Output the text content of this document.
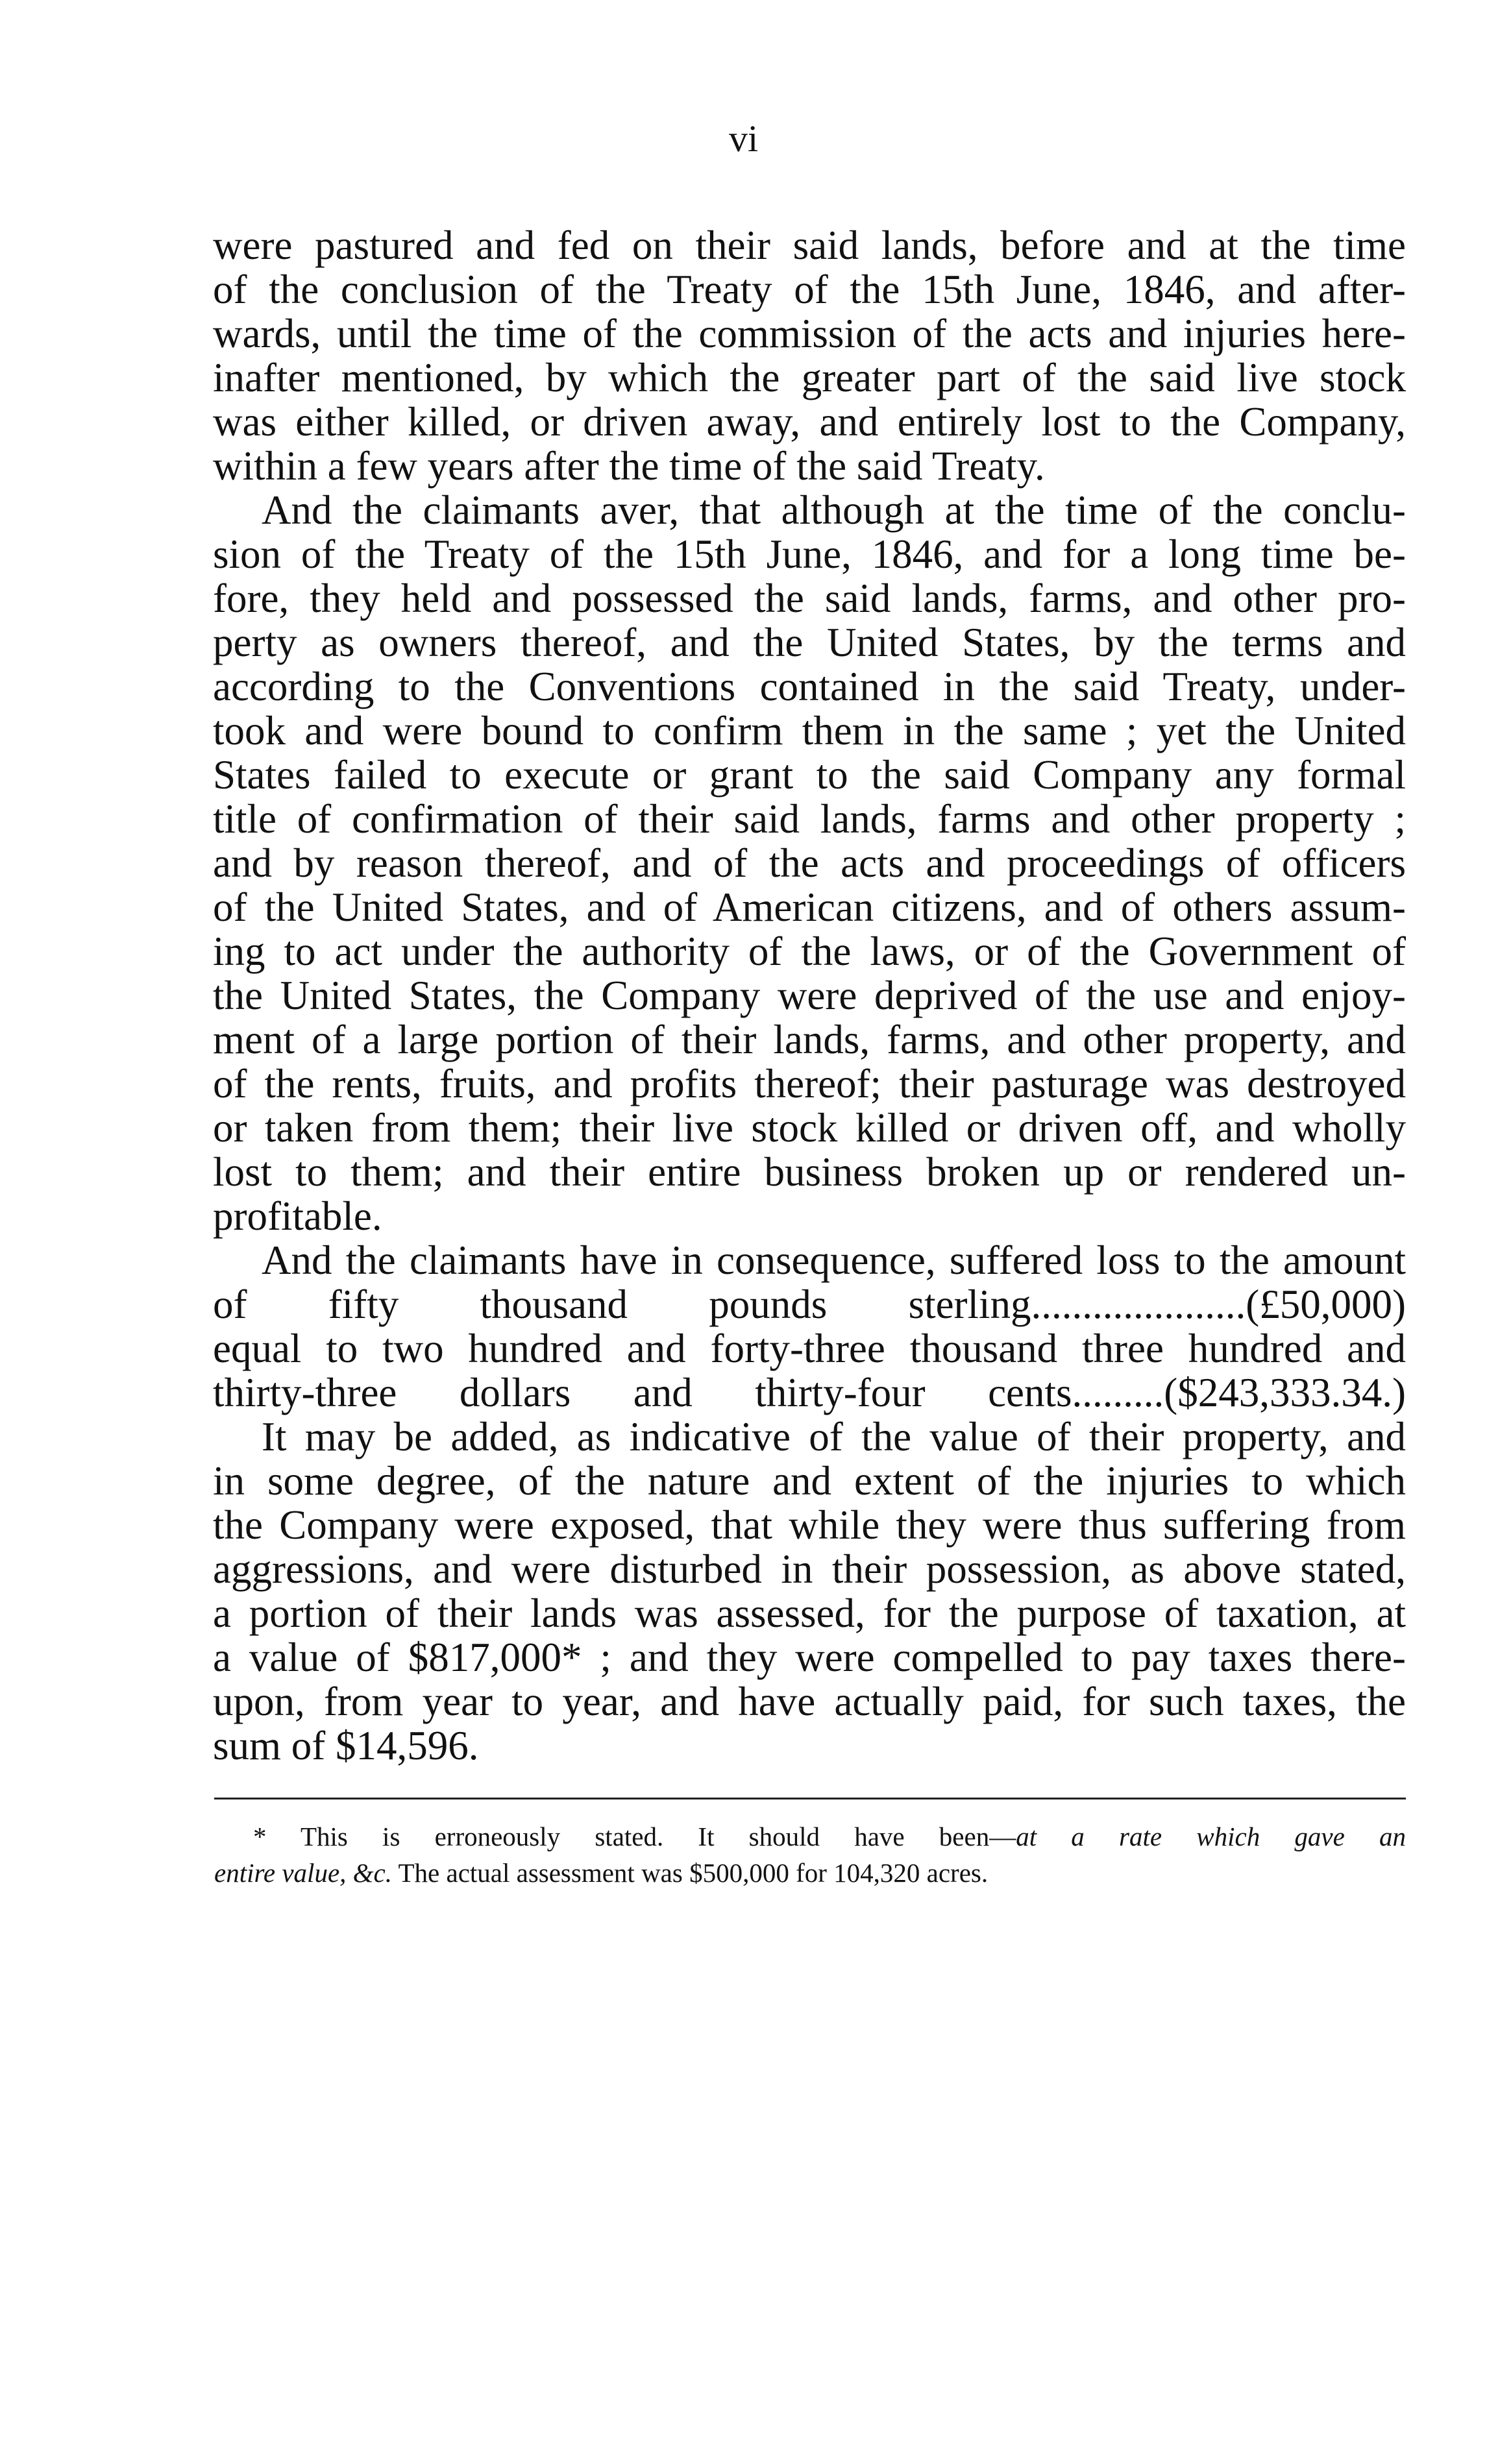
vi
were pastured and fed on their said lands, before and at the time
of the conclusion of the Treaty of the 15th June, 1846, and after-
wards, until the time of the commission of the acts and injuries here-
inafter mentioned, by which the greater part of the said live stock
was either killed, or driven away, and entirely lost to the Company,
within a few years after the time of the said Treaty.
And the claimants aver, that although at the time of the conclu-
sion of the Treaty of the 15th June, 1846, and for a long time be-
fore, they held and possessed the said lands, farms, and other pro-
perty as owners thereof, and the United States, by the terms and
according to the Conventions contained in the said Treaty, under-
took and were bound to confirm them in the same ; yet the United
States failed to execute or grant to the said Company any formal
title of confirmation of their said lands, farms and other property ;
and by reason thereof, and of the acts and proceedings of officers
of the United States, and of American citizens, and of others assum-
ing to act under the authority of the laws, or of the Government of
the United States, the Company were deprived of the use and enjoy-
ment of a large portion of their lands, farms, and other property, and
of the rents, fruits, and profits thereof; their pasturage was destroyed
or taken from them; their live stock killed or driven off, and wholly
lost to them; and their entire business broken up or rendered un-
profitable.
And the claimants have in consequence, suffered loss to the amount
of fifty thousand pounds sterling.....................(£50,000)
equal to two hundred and forty-three thousand three hundred and
thirty-three dollars and thirty-four cents.........($243,333.34.)
It may be added, as indicative of the value of their property, and
in some degree, of the nature and extent of the injuries to which
the Company were exposed, that while they were thus suffering from
aggressions, and were disturbed in their possession, as above stated,
a portion of their lands was assessed, for the purpose of taxation, at
a value of $817,000* ; and they were compelled to pay taxes there-
upon, from year to year, and have actually paid, for such taxes, the
sum of $14,596.
* This is erroneously stated. It should have been—at a rate which gave an
entire value, &c. The actual assessment was $500,000 for 104,320 acres.
